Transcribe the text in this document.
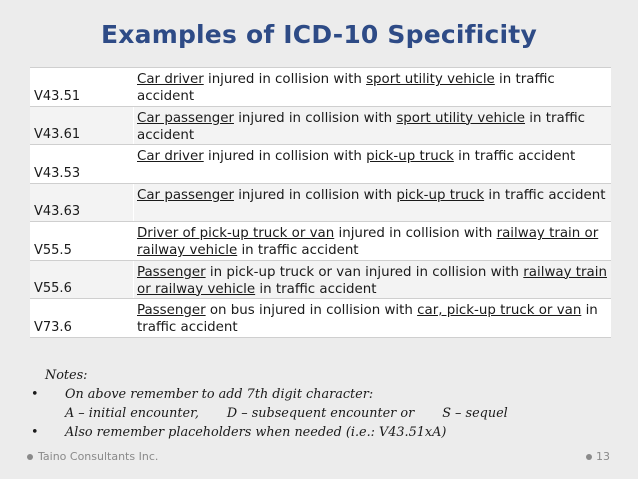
Examples of ICD-10 Specificity
V43.51
Car driver injured in collision with sport utility vehicle in traffic accident
V43.61
Car passenger injured in collision with sport utility vehicle in traffic accident
V43.53
Car driver injured in collision with pick-up truck in traffic accident
V43.63
Car passenger injured in collision with pick-up truck in traffic accident
V55.5
Driver of pick-up truck or van injured in collision with railway train or railway vehicle in traffic accident
V55.6
Passenger in pick-up truck or van injured in collision with railway train or railway vehicle in traffic accident
V73.6
Passenger on bus injured in collision with car, pick-up truck or van in traffic accident
Notes:
• On above remember to add 7th digit character:
A – initial encounter, D – subsequent encounter or S – sequel
• Also remember placeholders when needed (i.e.: V43.51xA)
Taino Consultants Inc.	13
